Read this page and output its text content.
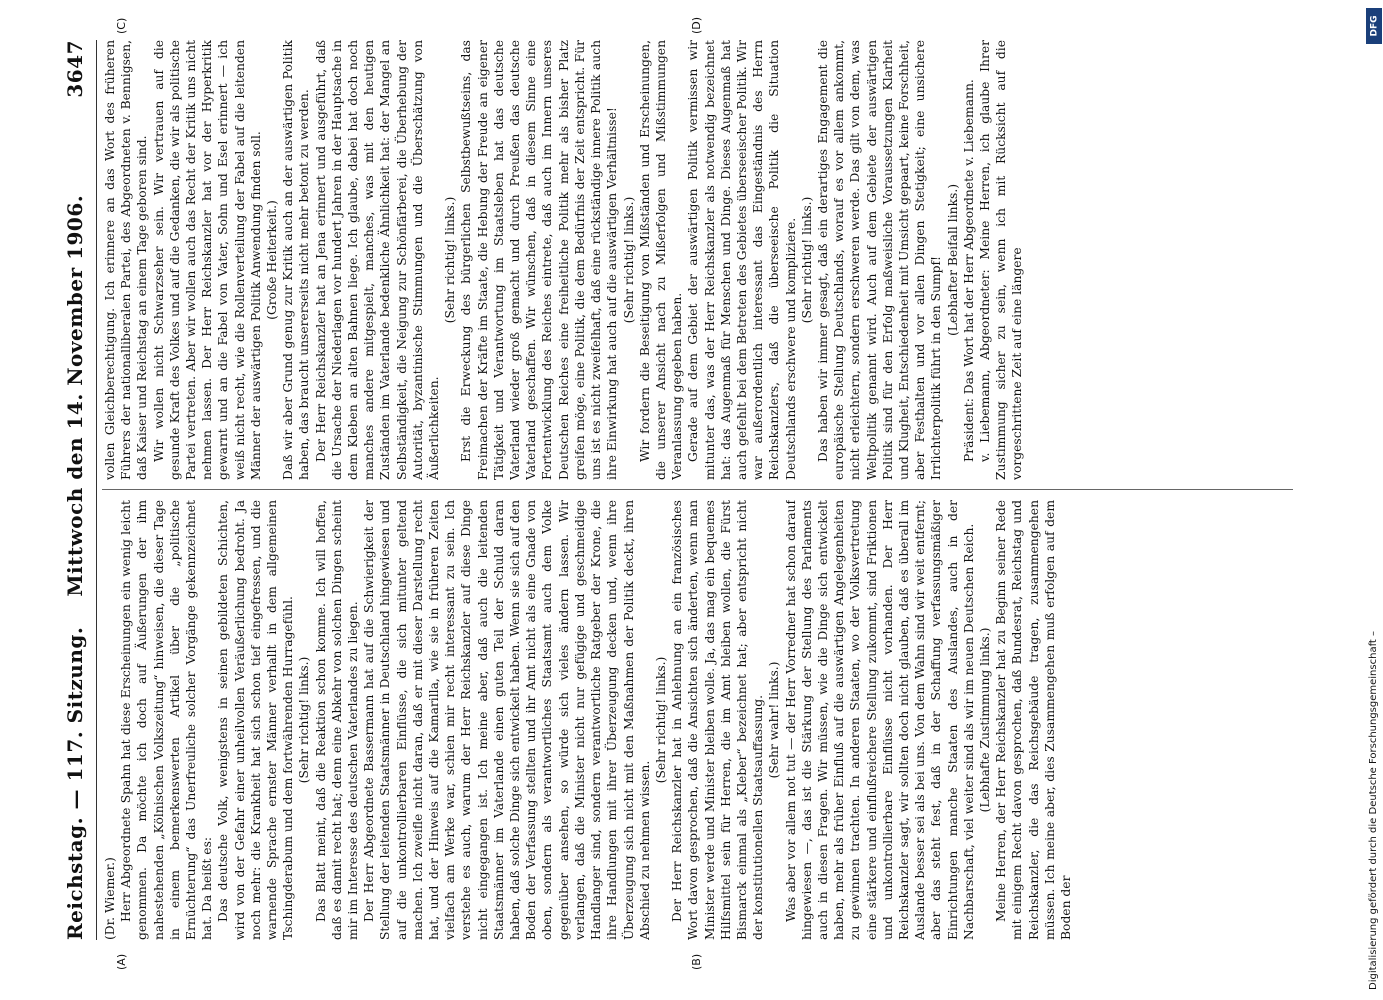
Reichstag. — 117. Sitzung.
Mittwoch den 14. November 1906.
3647
(A)	(B)
(C)	(D)

(Dr. Wiemer.) Herr Abgeordnete Spahn hat diese Erscheinungen ein wenig leicht genommen. Da möchte ich doch auf Äußerungen der ihm nahestehenden „Kölnischen Volkszeitung“ hinweisen, die dieser Tage in einem bemerkenswerten Artikel über die „politische Ernüchterung“ das Unerfreuliche solcher Vorgänge gekennzeichnet hat. Da heißt es: Das deutsche Volk, wenigstens in seinen gebildeten Schichten, wird von der Gefahr einer unheilvollen Veräußerlichung bedroht. Ja noch mehr: die Krankheit hat sich schon tief eingefressen, und die warnende Sprache ernster Männer verhallt in dem allgemeinen Tschingderabum und dem fortwährenden Hurragefühl. (Sehr richtig! links.) Das Blatt meint, daß die Reaktion schon komme. Ich will hoffen, daß es damit recht hat; denn eine Abkehr von solchen Dingen scheint mir im Interesse des deutschen Vaterlandes zu liegen. Der Herr Abgeordnete Bassermann hat auf die Schwierigkeit der Stellung der leitenden Staatsmänner in Deutschland hingewiesen und auf die unkontrollierbaren Einflüsse, die sich mitunter geltend machen. Ich zweifle nicht daran, daß er mit dieser Darstellung recht hat, und der Hinweis auf die Kamarilla, wie sie in früheren Zeiten vielfach am Werke war, schien mir recht interessant zu sein. Ich verstehe es auch, warum der Herr Reichskanzler auf diese Dinge nicht eingegangen ist. Ich meine aber, daß auch die leitenden Staatsmänner im Vaterlande einen guten Teil der Schuld daran haben, daß solche Dinge sich entwickelt haben. Wenn sie sich auf den Boden der Verfassung stellten und ihr Amt nicht als eine Gnade von oben, sondern als verantwortliches Staatsamt auch dem Volke gegenüber ansehen, so würde sich vieles ändern lassen. Wir verlangen, daß die Minister nicht nur gefügige und geschmeidige Handlanger sind, sondern verantwortliche Ratgeber der Krone, die ihre Handlungen mit ihrer Überzeugung decken und, wenn ihre Überzeugung sich nicht mit den Maßnahmen der Politik deckt, ihren Abschied zu nehmen wissen.

(Sehr richtig! links.) Der Herr Reichskanzler hat in Anlehnung an ein französisches Wort davon gesprochen, daß die Ansichten sich änderten, wenn man Minister werde und Minister bleiben wolle. Ja, das mag ein bequemes Hilfsmittel sein für Herren, die im Amt bleiben wollen, die Fürst Bismarck einmal als „Kleber“ bezeichnet hat; aber entspricht nicht der konstitutionellen Staatsauffassung. (Sehr wahr! links.) Was aber vor allem not tut — der Herr Vorredner hat schon darauf hingewiesen —, das ist die Stärkung der Stellung des Parlaments auch in diesen Fragen. Wir müssen, wie die Dinge sich entwickelt haben, mehr als früher Einfluß auf die auswärtigen Angelegenheiten zu gewinnen trachten. In anderen Staaten, wo der Volksvertretung eine stärkere und einflußreichere Stellung zukommt, sind Friktionen und unkontrollierbare Einflüsse nicht vorhanden. Der Herr Reichskanzler sagt, wir sollten doch nicht glauben, daß es überall im Auslande besser sei als bei uns. Von dem Wahn sind wir weit entfernt; aber das steht fest, daß in der Schaffung verfassungsmäßiger Einrichtungen manche Staaten des Auslandes, auch in der Nachbarschaft, viel weiter sind als wir im neuen Deutschen Reich. (Lebhafte Zustimmung links.) Meine Herren, der Herr Reichskanzler hat zu Beginn seiner Rede mit einigem Recht davon gesprochen, daß Bundesrat, Reichstag und Reichskanzler, die das Reichsgebäude tragen, zusammengehen müssen. Ich meine aber, dies Zusammengehen muß erfolgen auf dem Boden der

vollen Gleichberechtigung. Ich erinnere an das Wort des früheren Führers der nationalliberalen Partei, des Abgeordneten v. Bennigsen, daß Kaiser und Reichstag an einem Tage geboren sind. Wir wollen nicht Schwarzseher sein. Wir vertrauen auf die gesunde Kraft des Volkes und auf die Gedanken, die wir als politische Partei vertreten. Aber wir wollen auch das Recht der Kritik uns nicht nehmen lassen. Der Herr Reichskanzler hat vor der Hyperkritik gewarnt und an die Fabel von Vater, Sohn und Esel erinnert — ich weiß nicht recht, wie die Rollenverteilung der Fabel auf die leitenden Männer der auswärtigen Politik Anwendung finden soll. (Große Heiterkeit.) Daß wir aber Grund genug zur Kritik auch an der auswärtigen Politik haben, das braucht unsererseits nicht mehr betont zu werden. Der Herr Reichskanzler hat an Jena erinnert und ausgeführt, daß die Ursache der Niederlagen vor hundert Jahren in der Hauptsache in dem Kleben an alten Bahnen liege. Ich glaube, dabei hat doch noch manches andere mitgespielt, manches, was mit den heutigen Zuständen im Vaterlande bedenkliche Ähnlichkeit hat: der Mangel an Selbständigkeit, die Neigung zur Schönfärberei, die Überhebung der Autorität, byzantinische Stimmungen und die Überschätzung von Äußerlichkeiten.

(Sehr richtig! links.) Erst die Erweckung des bürgerlichen Selbstbewußtseins, das Freimachen der Kräfte im Staate, die Hebung der Freude an eigener Tätigkeit und Verantwortung im Staatsleben hat das deutsche Vaterland wieder groß gemacht und durch Preußen das deutsche Vaterland geschaffen. Wir wünschen, daß in diesem Sinne eine Fortentwicklung des Reiches eintrete, daß auch im Innern unseres Deutschen Reiches eine freiheitliche Politik mehr als bisher Platz greifen möge, eine Politik, die dem Bedürfnis der Zeit entspricht. Für uns ist es nicht zweifelhaft, daß eine rückständige innere Politik auch ihre Einwirkung hat auch auf die auswärtigen Verhältnisse! (Sehr richtig! links.) Wir fordern die Beseitigung von Mißständen und Erscheinungen, die unserer Ansicht nach zu Mißerfolgen und Mißstimmungen Veranlassung gegeben haben. Gerade auf dem Gebiet der auswärtigen Politik vermissen wir mitunter das, was der Herr Reichskanzler als notwendig bezeichnet hat: das Augenmaß für Menschen und Dinge. Dieses Augenmaß hat auch gefehlt bei dem Betreten des Gebietes überseeischer Politik. Wir war außerordentlich interessant das Eingeständnis des Herrn Reichskanzlers, daß die überseeische Politik die Situation Deutschlands erschwere und kompliziere. (Sehr richtig! links.) Das haben wir immer gesagt, daß ein derartiges Engagement die europäische Stellung Deutschlands, worauf es vor allem ankommt, nicht erleichtern, sondern erschweren werde. Das gilt von dem, was Weltpolitik genannt wird. Auch auf dem Gebiete der auswärtigen Politik sind für den Erfolg maßweisliche Voraussetzungen Klarheit und Klugheit, Entschiedenheit mit Umsicht gepaart, keine Forschheit, aber Festhalten und vor allen Dingen Stetigkeit; eine unsichere Irrlichterpolitik führt in den Sumpf! (Lebhafter Beifall links.) Präsident: Das Wort hat der Herr Abgeordnete v. Liebemann. v. Liebemann, Abgeordneter: Meine Herren, ich glaube Ihrer Zustimmung sicher zu sein, wenn ich mit Rücksicht auf die vorgeschrittene Zeit auf eine längere

DFG
Digitalisierung gefördert durch die Deutsche Forschungsgemeinschaft –
